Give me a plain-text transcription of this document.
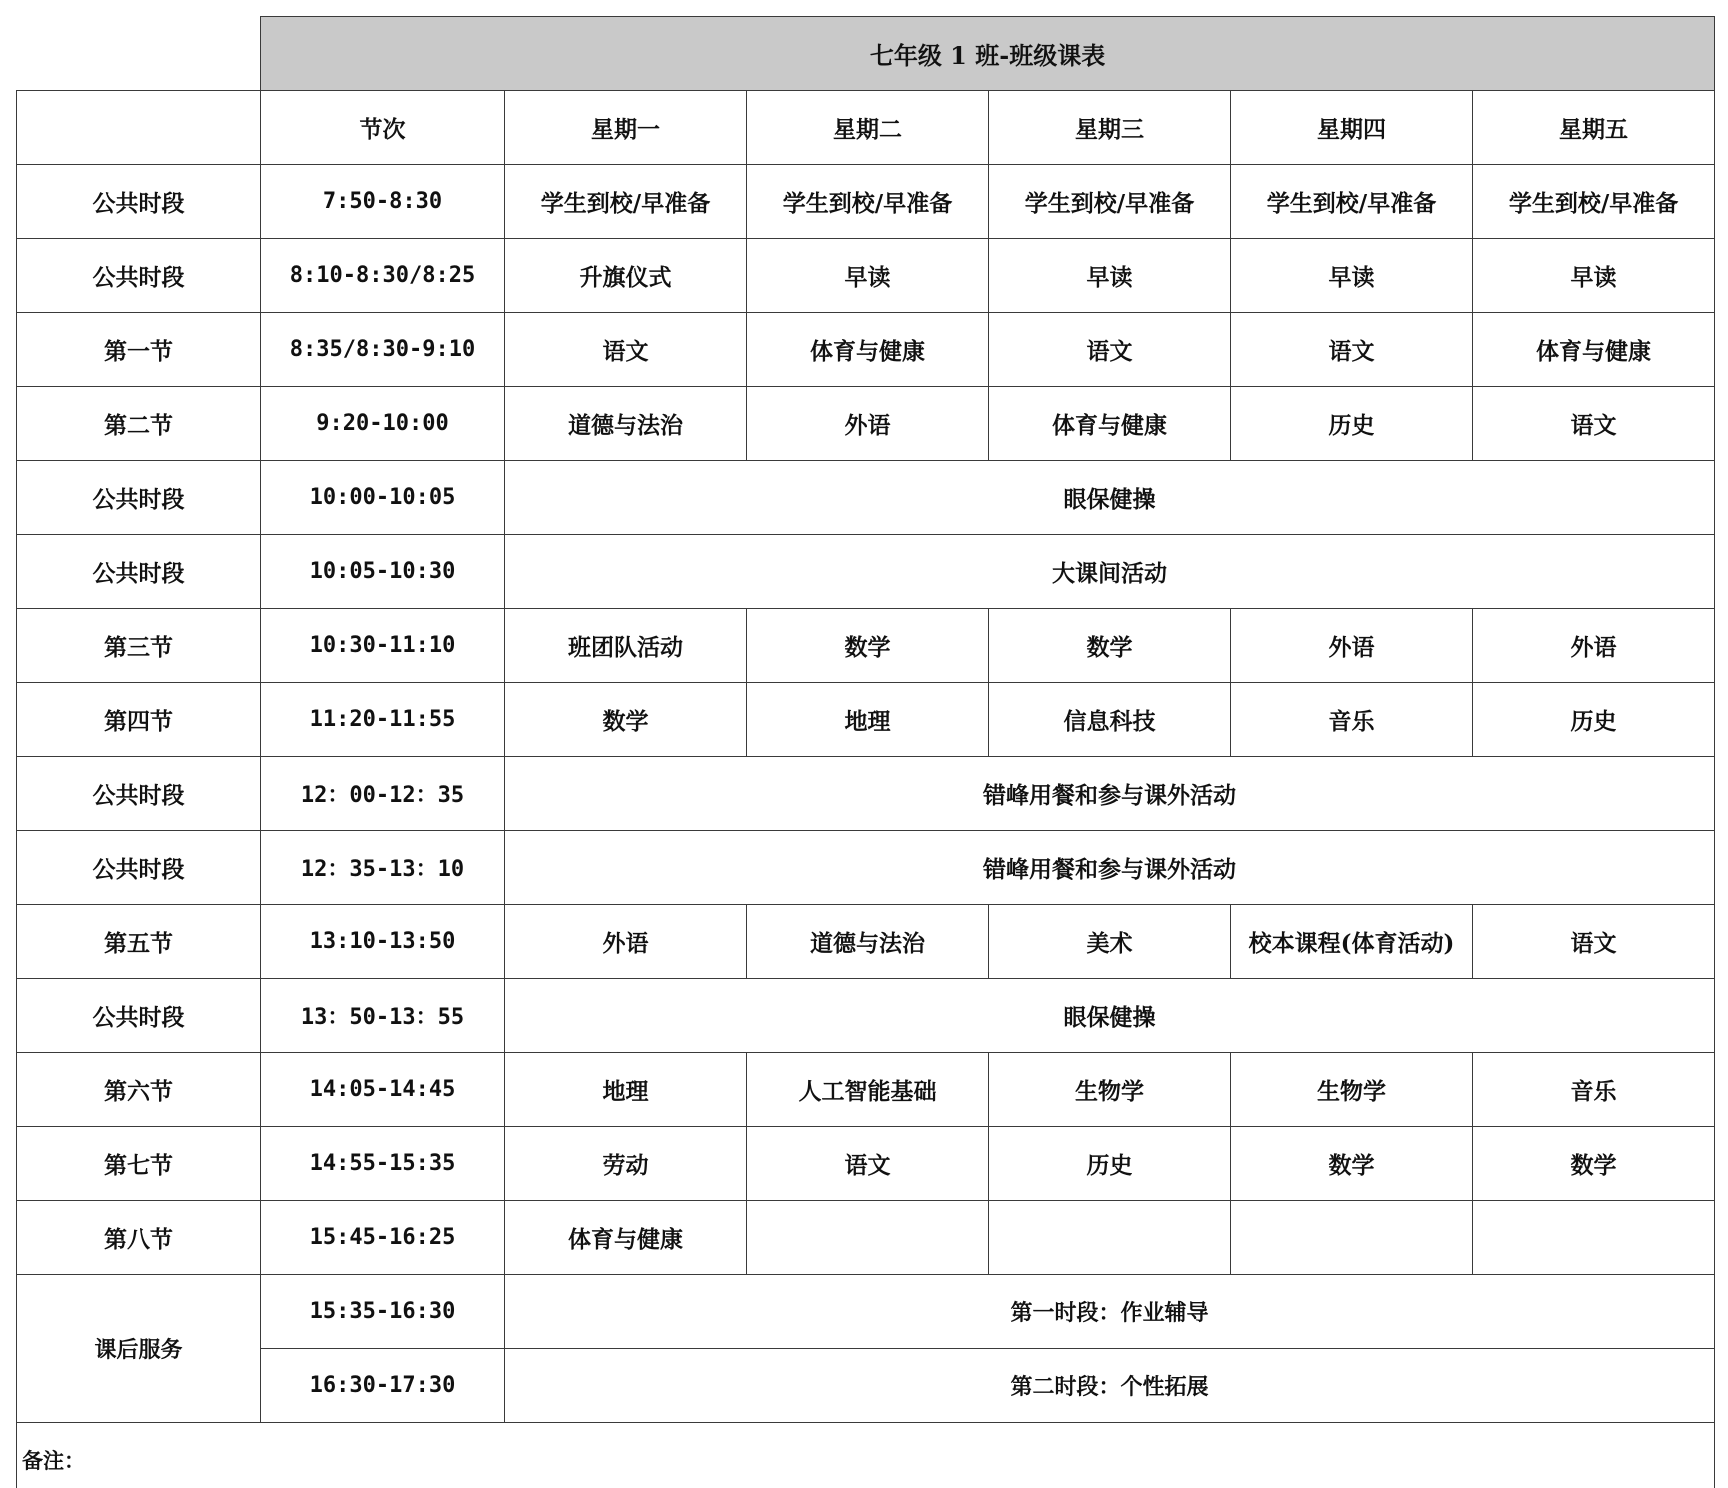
	七年级 1 班-班级课表					
	节次	星期一	星期二	星期三	星期四	星期五
公共时段	7:50-8:30	学生到校/早准备	学生到校/早准备	学生到校/早准备	学生到校/早准备	学生到校/早准备
公共时段	8:10-8:30/8:25	升旗仪式	早读	早读	早读	早读
第一节	8:35/8:30-9:10	语文	体育与健康	语文	语文	体育与健康
第二节	9:20-10:00	道德与法治	外语	体育与健康	历史	语文
公共时段	10:00-10:05	眼保健操				
公共时段	10:05-10:30	大课间活动				
第三节	10:30-11:10	班团队活动	数学	数学	外语	外语
第四节	11:20-11:55	数学	地理	信息科技	音乐	历史
公共时段	12：00-12：35	错峰用餐和参与课外活动				
公共时段	12：35-13：10	错峰用餐和参与课外活动				
第五节	13:10-13:50	外语	道德与法治	美术	校本课程(体育活动)	语文
公共时段	13：50-13：55	眼保健操				
第六节	14:05-14:45	地理	人工智能基础	生物学	生物学	音乐
第七节	14:55-15:35	劳动	语文	历史	数学	数学
第八节	15:45-16:25	体育与健康				
课后服务	15:35-16:30	第一时段：作业辅导				
	16:30-17:30	第二时段：个性拓展				
备注：						
